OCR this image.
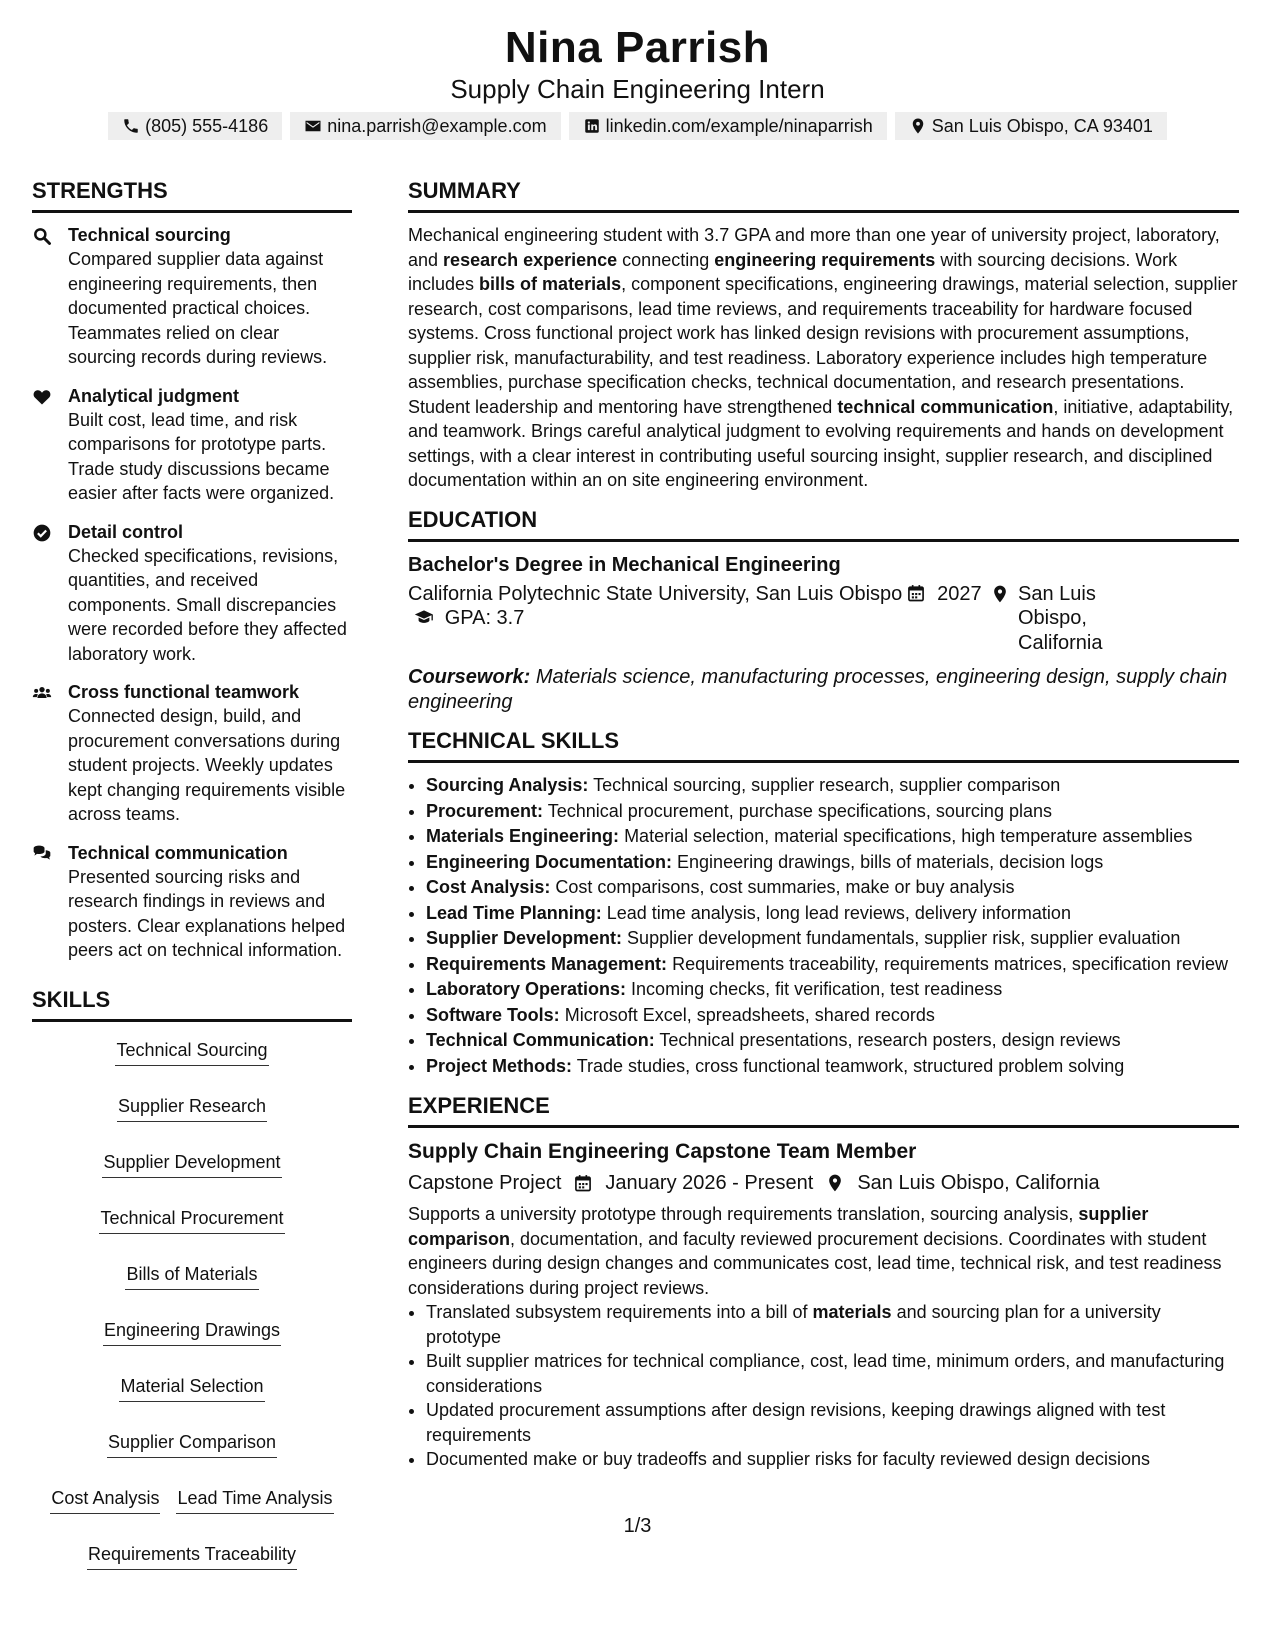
Nina Parrish
Supply Chain Engineering Intern
(805) 555-4186	nina.parrish@example.com	linkedin.com/example/ninaparrish	San Luis Obispo, CA 93401
STRENGTHS
Technical sourcing
Compared supplier data against engineering requirements, then documented practical choices. Teammates relied on clear sourcing records during reviews.
Analytical judgment
Built cost, lead time, and risk comparisons for prototype parts. Trade study discussions became easier after facts were organized.
Detail control
Checked specifications, revisions, quantities, and received components. Small discrepancies were recorded before they affected laboratory work.
Cross functional teamwork
Connected design, build, and procurement conversations during student projects. Weekly updates kept changing requirements visible across teams.
Technical communication
Presented sourcing risks and research findings in reviews and posters. Clear explanations helped peers act on technical information.
SKILLS
Technical Sourcing
Supplier Research
Supplier Development
Technical Procurement
Bills of Materials
Engineering Drawings
Material Selection
Supplier Comparison
Cost Analysis Lead Time Analysis
Requirements Traceability
SUMMARY
Mechanical engineering student with 3.7 GPA and more than one year of university project, laboratory, and research experience connecting engineering requirements with sourcing decisions. Work includes bills of materials, component specifications, engineering drawings, material selection, supplier research, cost comparisons, lead time reviews, and requirements traceability for hardware focused systems. Cross functional project work has linked design revisions with procurement assumptions, supplier risk, manufacturability, and test readiness. Laboratory experience includes high temperature assemblies, purchase specification checks, technical documentation, and research presentations. Student leadership and mentoring have strengthened technical communication, initiative, adaptability, and teamwork. Brings careful analytical judgment to evolving requirements and hands on development settings, with a clear interest in contributing useful sourcing insight, supplier research, and disciplined documentation within an on site engineering environment.
EDUCATION
Bachelor's Degree in Mechanical Engineering
California Polytechnic State University, San Luis Obispo    GPA: 3.7
2027	San Luis Obispo, California
Coursework: Materials science, manufacturing processes, engineering design, supply chain engineering
TECHNICAL SKILLS
• Sourcing Analysis: Technical sourcing, supplier research, supplier comparison
• Procurement: Technical procurement, purchase specifications, sourcing plans
• Materials Engineering: Material selection, material specifications, high temperature assemblies
• Engineering Documentation: Engineering drawings, bills of materials, decision logs
• Cost Analysis: Cost comparisons, cost summaries, make or buy analysis
• Lead Time Planning: Lead time analysis, long lead reviews, delivery information
• Supplier Development: Supplier development fundamentals, supplier risk, supplier evaluation
• Requirements Management: Requirements traceability, requirements matrices, specification review
• Laboratory Operations: Incoming checks, fit verification, test readiness
• Software Tools: Microsoft Excel, spreadsheets, shared records
• Technical Communication: Technical presentations, research posters, design reviews
• Project Methods: Trade studies, cross functional teamwork, structured problem solving
EXPERIENCE
Supply Chain Engineering Capstone Team Member
Capstone Project January 2026 - Present San Luis Obispo, California
Supports a university prototype through requirements translation, sourcing analysis, supplier comparison, documentation, and faculty reviewed procurement decisions. Coordinates with student engineers during design changes and communicates cost, lead time, technical risk, and test readiness considerations during project reviews.
• Translated subsystem requirements into a bill of materials and sourcing plan for a university prototype
• Built supplier matrices for technical compliance, cost, lead time, minimum orders, and manufacturing considerations
• Updated procurement assumptions after design revisions, keeping drawings aligned with test requirements
• Documented make or buy tradeoffs and supplier risks for faculty reviewed design decisions
1/3
